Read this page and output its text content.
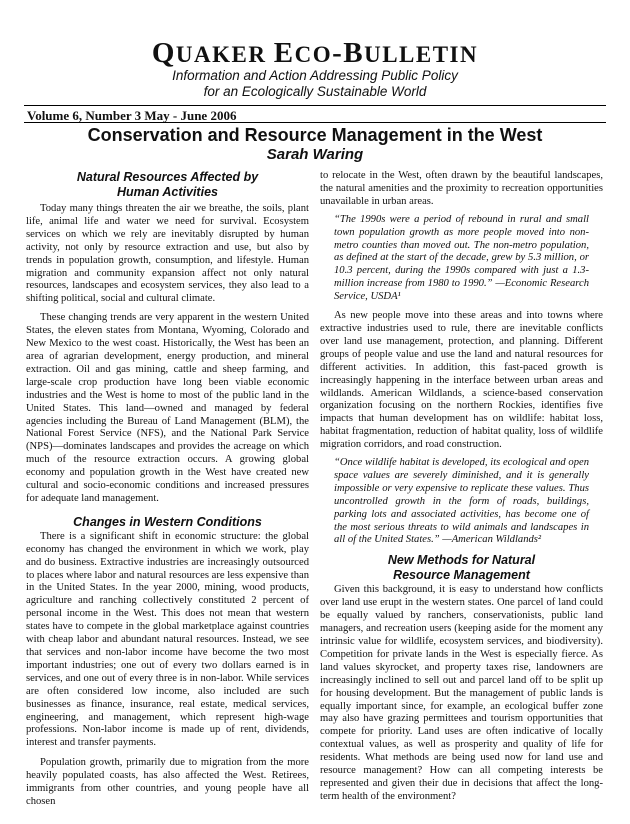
QUAKER ECO-BULLETIN
Information and Action Addressing Public Policy
for an Ecologically Sustainable World
Volume 6, Number 3 May - June 2006
Conservation and Resource Management in the West
Sarah Waring
Natural Resources Affected by Human Activities

Today many things threaten the air we breathe, the soils, plant life, animal life and water we need for survival. Ecosystem services on which we rely are inevitably disrupted by human activity, not only by resource extraction and use, but also by trends in population growth, consumption, and lifestyle. Human migration and community expansion affect not only natural resources, landscapes and ecosystem services, they also lead to a shifting political, social and cultural climate.

These changing trends are very apparent in the western United States, the eleven states from Montana, Wyoming, Colorado and New Mexico to the west coast. Historically, the West has been an area of agrarian development, energy production, and mineral extraction. Oil and gas mining, cattle and sheep farming, and large-scale crop production have long been viable economic industries and the West is home to most of the public land in the United States. This land—owned and managed by federal agencies including the Bureau of Land Management (BLM), the National Forest Service (NFS), and the National Park Service (NPS)—dominates landscapes and provides the acreage on which much of the resource extraction occurs. A growing global economy and population growth in the West have created new cultural and socio-economic conditions and increased pressures for adequate land management.

Changes in Western Conditions

There is a significant shift in economic structure: the global economy has changed the environment in which we work, play and do business. Extractive industries are increasingly outsourced to places where labor and natural resources are less expensive than in the United States. In the year 2000, mining, wood products, agriculture and ranching collectively constituted 2 percent of personal income in the West. This does not mean that western states have to compete in the global marketplace against countries with cheap labor and abundant natural resources. Instead, we see that services and non-labor income have become the two most important industries; one out of every two dollars earned is in services, and one out of every three is in non-labor. While services are often considered low income, also included are such businesses as finance, insurance, real estate, medical services, engineering, and management, which represent high-wage professions. Non-labor income is made up of rent, dividends, interest and transfer payments.

Population growth, primarily due to migration from the more heavily populated coasts, has also affected the West. Retirees, immigrants from other countries, and young people have all chosen

to relocate in the West, often drawn by the beautiful landscapes, the natural amenities and the proximity to recreation opportunities unavailable in urban areas.

“The 1990s were a period of rebound in rural and small town population growth as more people moved into non-metro counties than moved out. The non-metro population, as defined at the start of the decade, grew by 5.3 million, or 10.3 percent, during the 1990s compared with just a 1.3-million increase from 1980 to 1990.” —Economic Research Service, USDA¹

As new people move into these areas and into towns where extractive industries used to rule, there are inevitable conflicts over land use management, protection, and planning. Different groups of people value and use the land and natural resources for different activities. In addition, this fast-paced growth is increasingly happening in the interface between urban areas and wildlands. American Wildlands, a science-based conservation organization focusing on the northern Rockies, identifies five impacts that human development has on wildlife: habitat loss, habitat fragmentation, reduction of habitat quality, loss of wildlife migration corridors, and road construction.

“Once wildlife habitat is developed, its ecological and open space values are severely diminished, and it is generally impossible or very expensive to replicate these values. Thus uncontrolled growth in the form of roads, buildings, parking lots and associated activities, has become one of the most serious threats to wild animals and landscapes in all of the United States.” —American Wildlands²
New Methods for Natural Resource Management

Given this background, it is easy to understand how conflicts over land use erupt in the western states. One parcel of land could be equally valued by ranchers, conservationists, public land managers, and recreation users (keeping aside for the moment any intrinsic value for wildlife, ecosystem services, and biodiversity). Competition for private lands in the West is especially fierce. As land values skyrocket, and property taxes rise, landowners are increasingly inclined to sell out and parcel land off to be split up for housing development. But the management of public lands is equally important since, for example, an ecological buffer zone may also have grazing permittees and tourism opportunities that compete for priority. Land uses are often indicative of locally contextual values, as well as prosperity and quality of life for residents. What methods are being used now for land use and resource management? How can all competing interests be represented and given their due in decisions that affect the long-term health of the environment?
